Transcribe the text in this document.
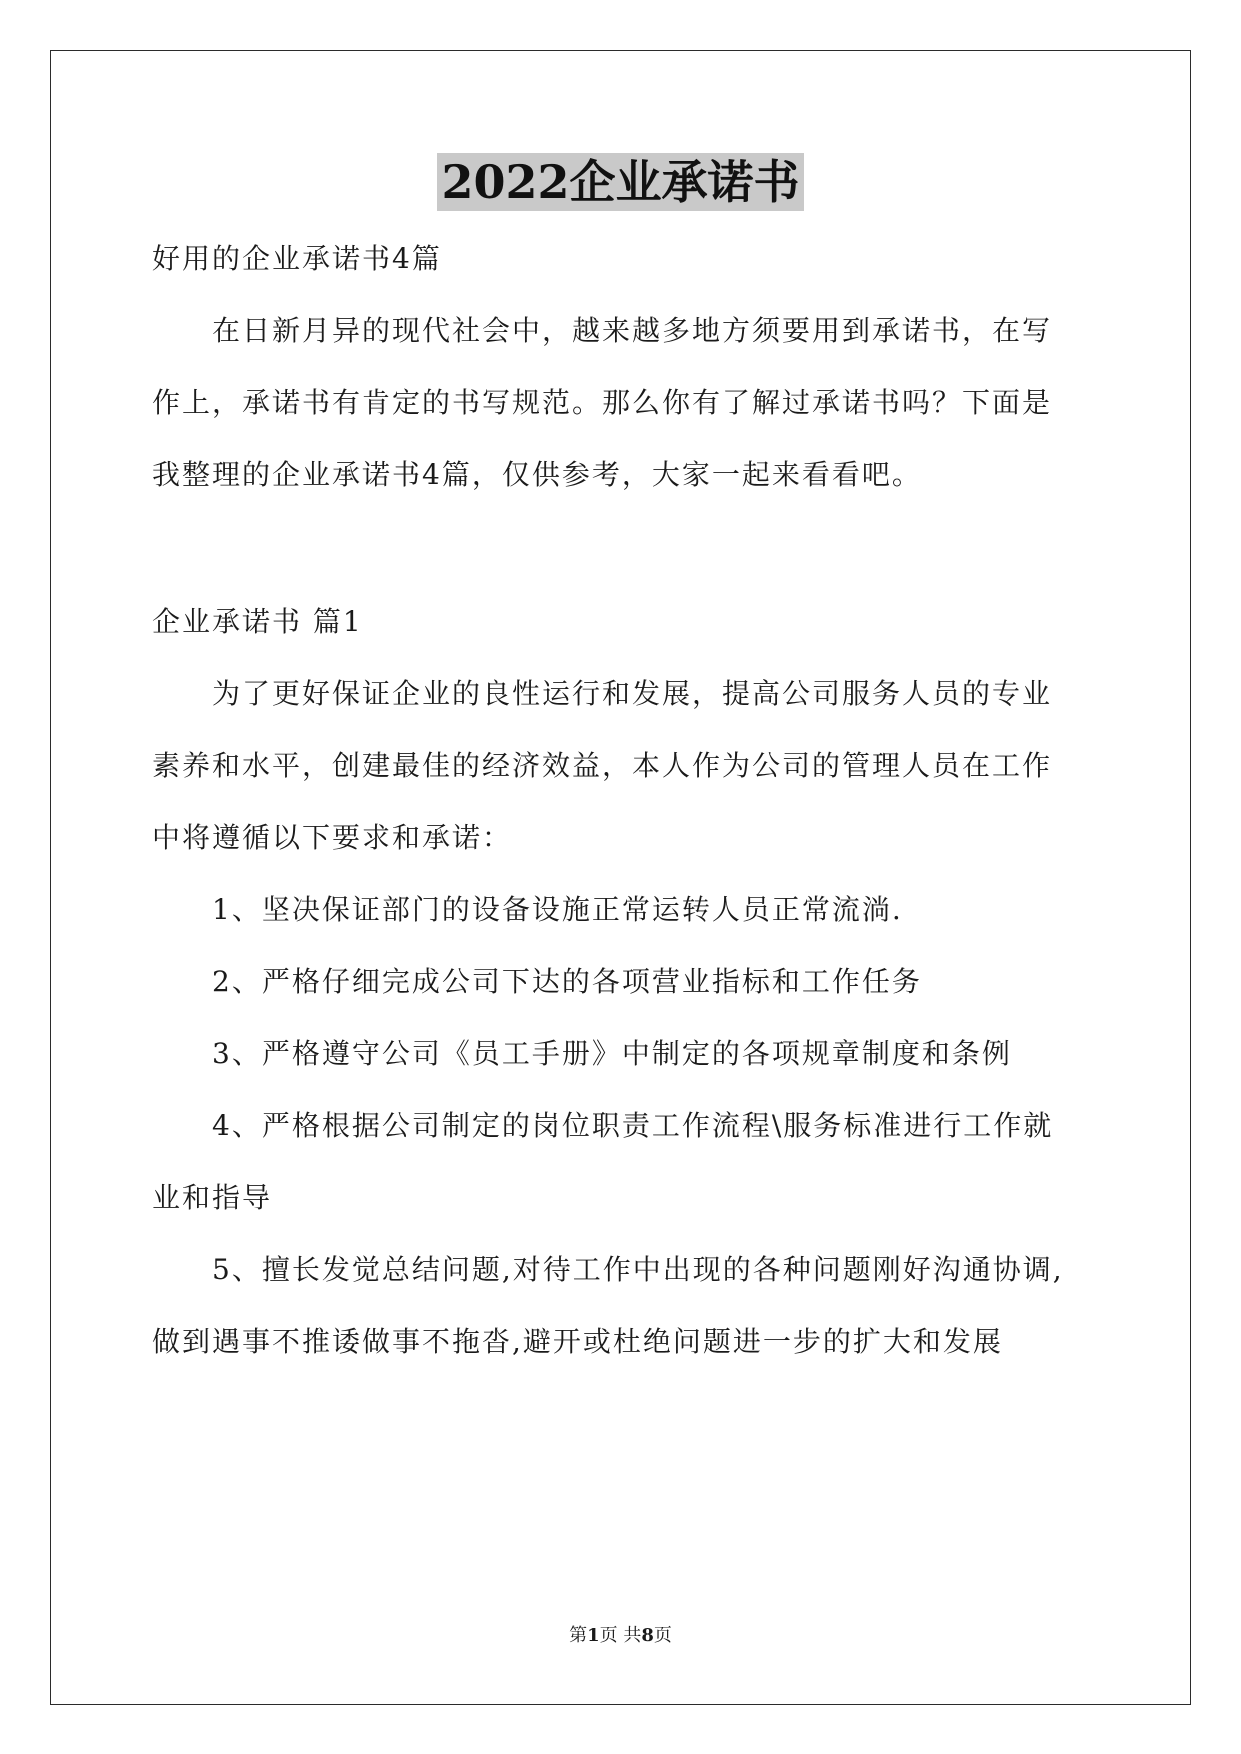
2022企业承诺书
好用的企业承诺书4篇
在日新月异的现代社会中，越来越多地方须要用到承诺书，在写
作上，承诺书有肯定的书写规范。那么你有了解过承诺书吗？下面是
我整理的企业承诺书4篇，仅供参考，大家一起来看看吧。
企业承诺书 篇1
为了更好保证企业的良性运行和发展，提高公司服务人员的专业
素养和水平，创建最佳的经济效益，本人作为公司的管理人员在工作
中将遵循以下要求和承诺：
1、坚决保证部门的设备设施正常运转人员正常流淌.
2、严格仔细完成公司下达的各项营业指标和工作任务
3、严格遵守公司《员工手册》中制定的各项规章制度和条例
4、严格根据公司制定的岗位职责工作流程\服务标准进行工作就
业和指导
5、擅长发觉总结问题,对待工作中出现的各种问题刚好沟通协调,
做到遇事不推诿做事不拖沓,避开或杜绝问题进一步的扩大和发展
第1页 共8页
